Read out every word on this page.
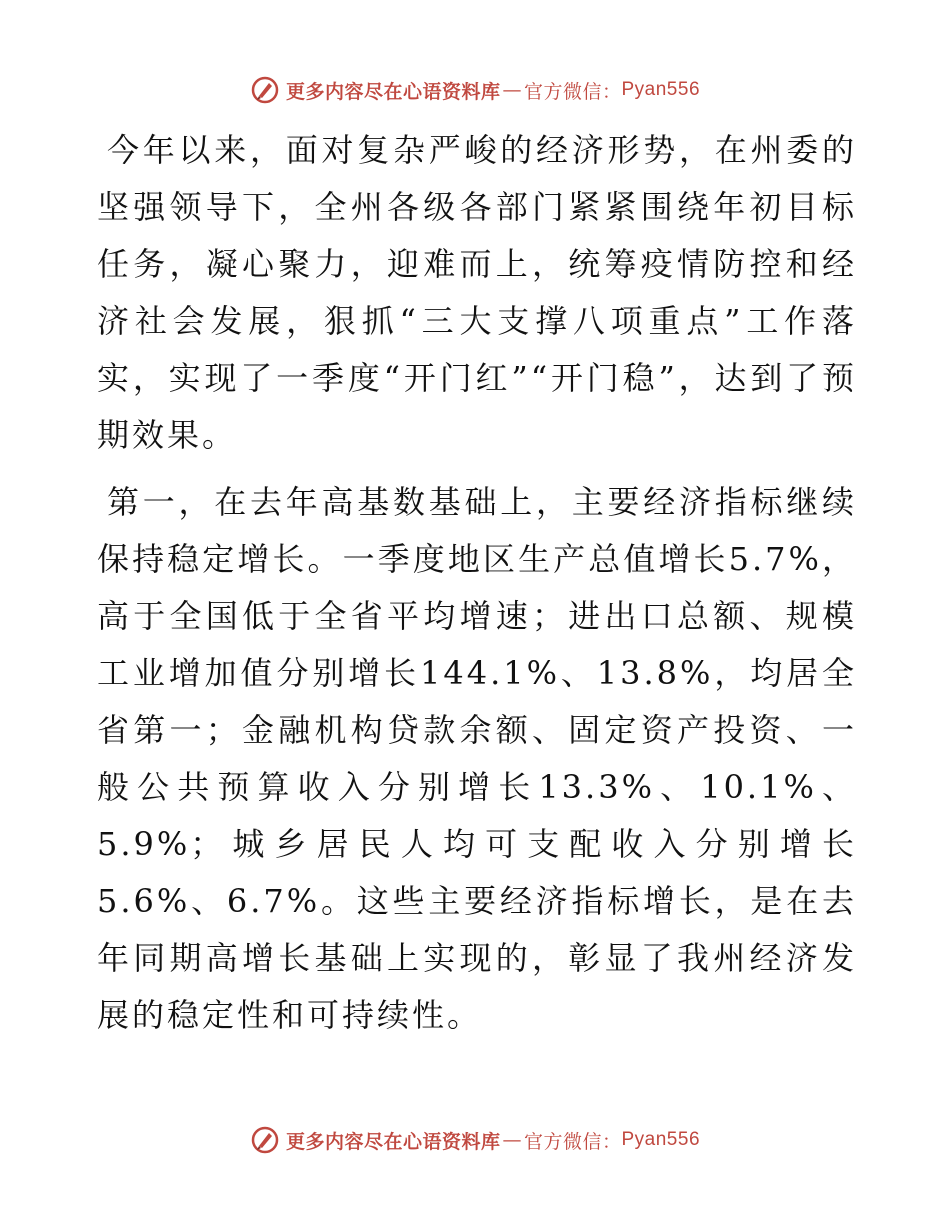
更多内容尽在心语资料库 — 官方微信： Pyan556

今年以来，面对复杂严峻的经济形势，在州委的坚强领导下，全州各级各部门紧紧围绕年初目标任务，凝心聚力，迎难而上，统筹疫情防控和经济社会发展，狠抓“三大支撑八项重点”工作落实，实现了一季度“开门红”“开门稳”，达到了预期效果。

第一，在去年高基数基础上，主要经济指标继续保持稳定增长。一季度地区生产总值增长5.7%，高于全国低于全省平均增速；进出口总额、规模工业增加值分别增长144.1%、13.8%，均居全省第一；金融机构贷款余额、固定资产投资、一般公共预算收入分别增长13.3%、10.1%、5.9%；城乡居民人均可支配收入分别增长5.6%、6.7%。这些主要经济指标增长，是在去年同期高增长基础上实现的，彰显了我州经济发展的稳定性和可持续性。

更多内容尽在心语资料库 — 官方微信： Pyan556
